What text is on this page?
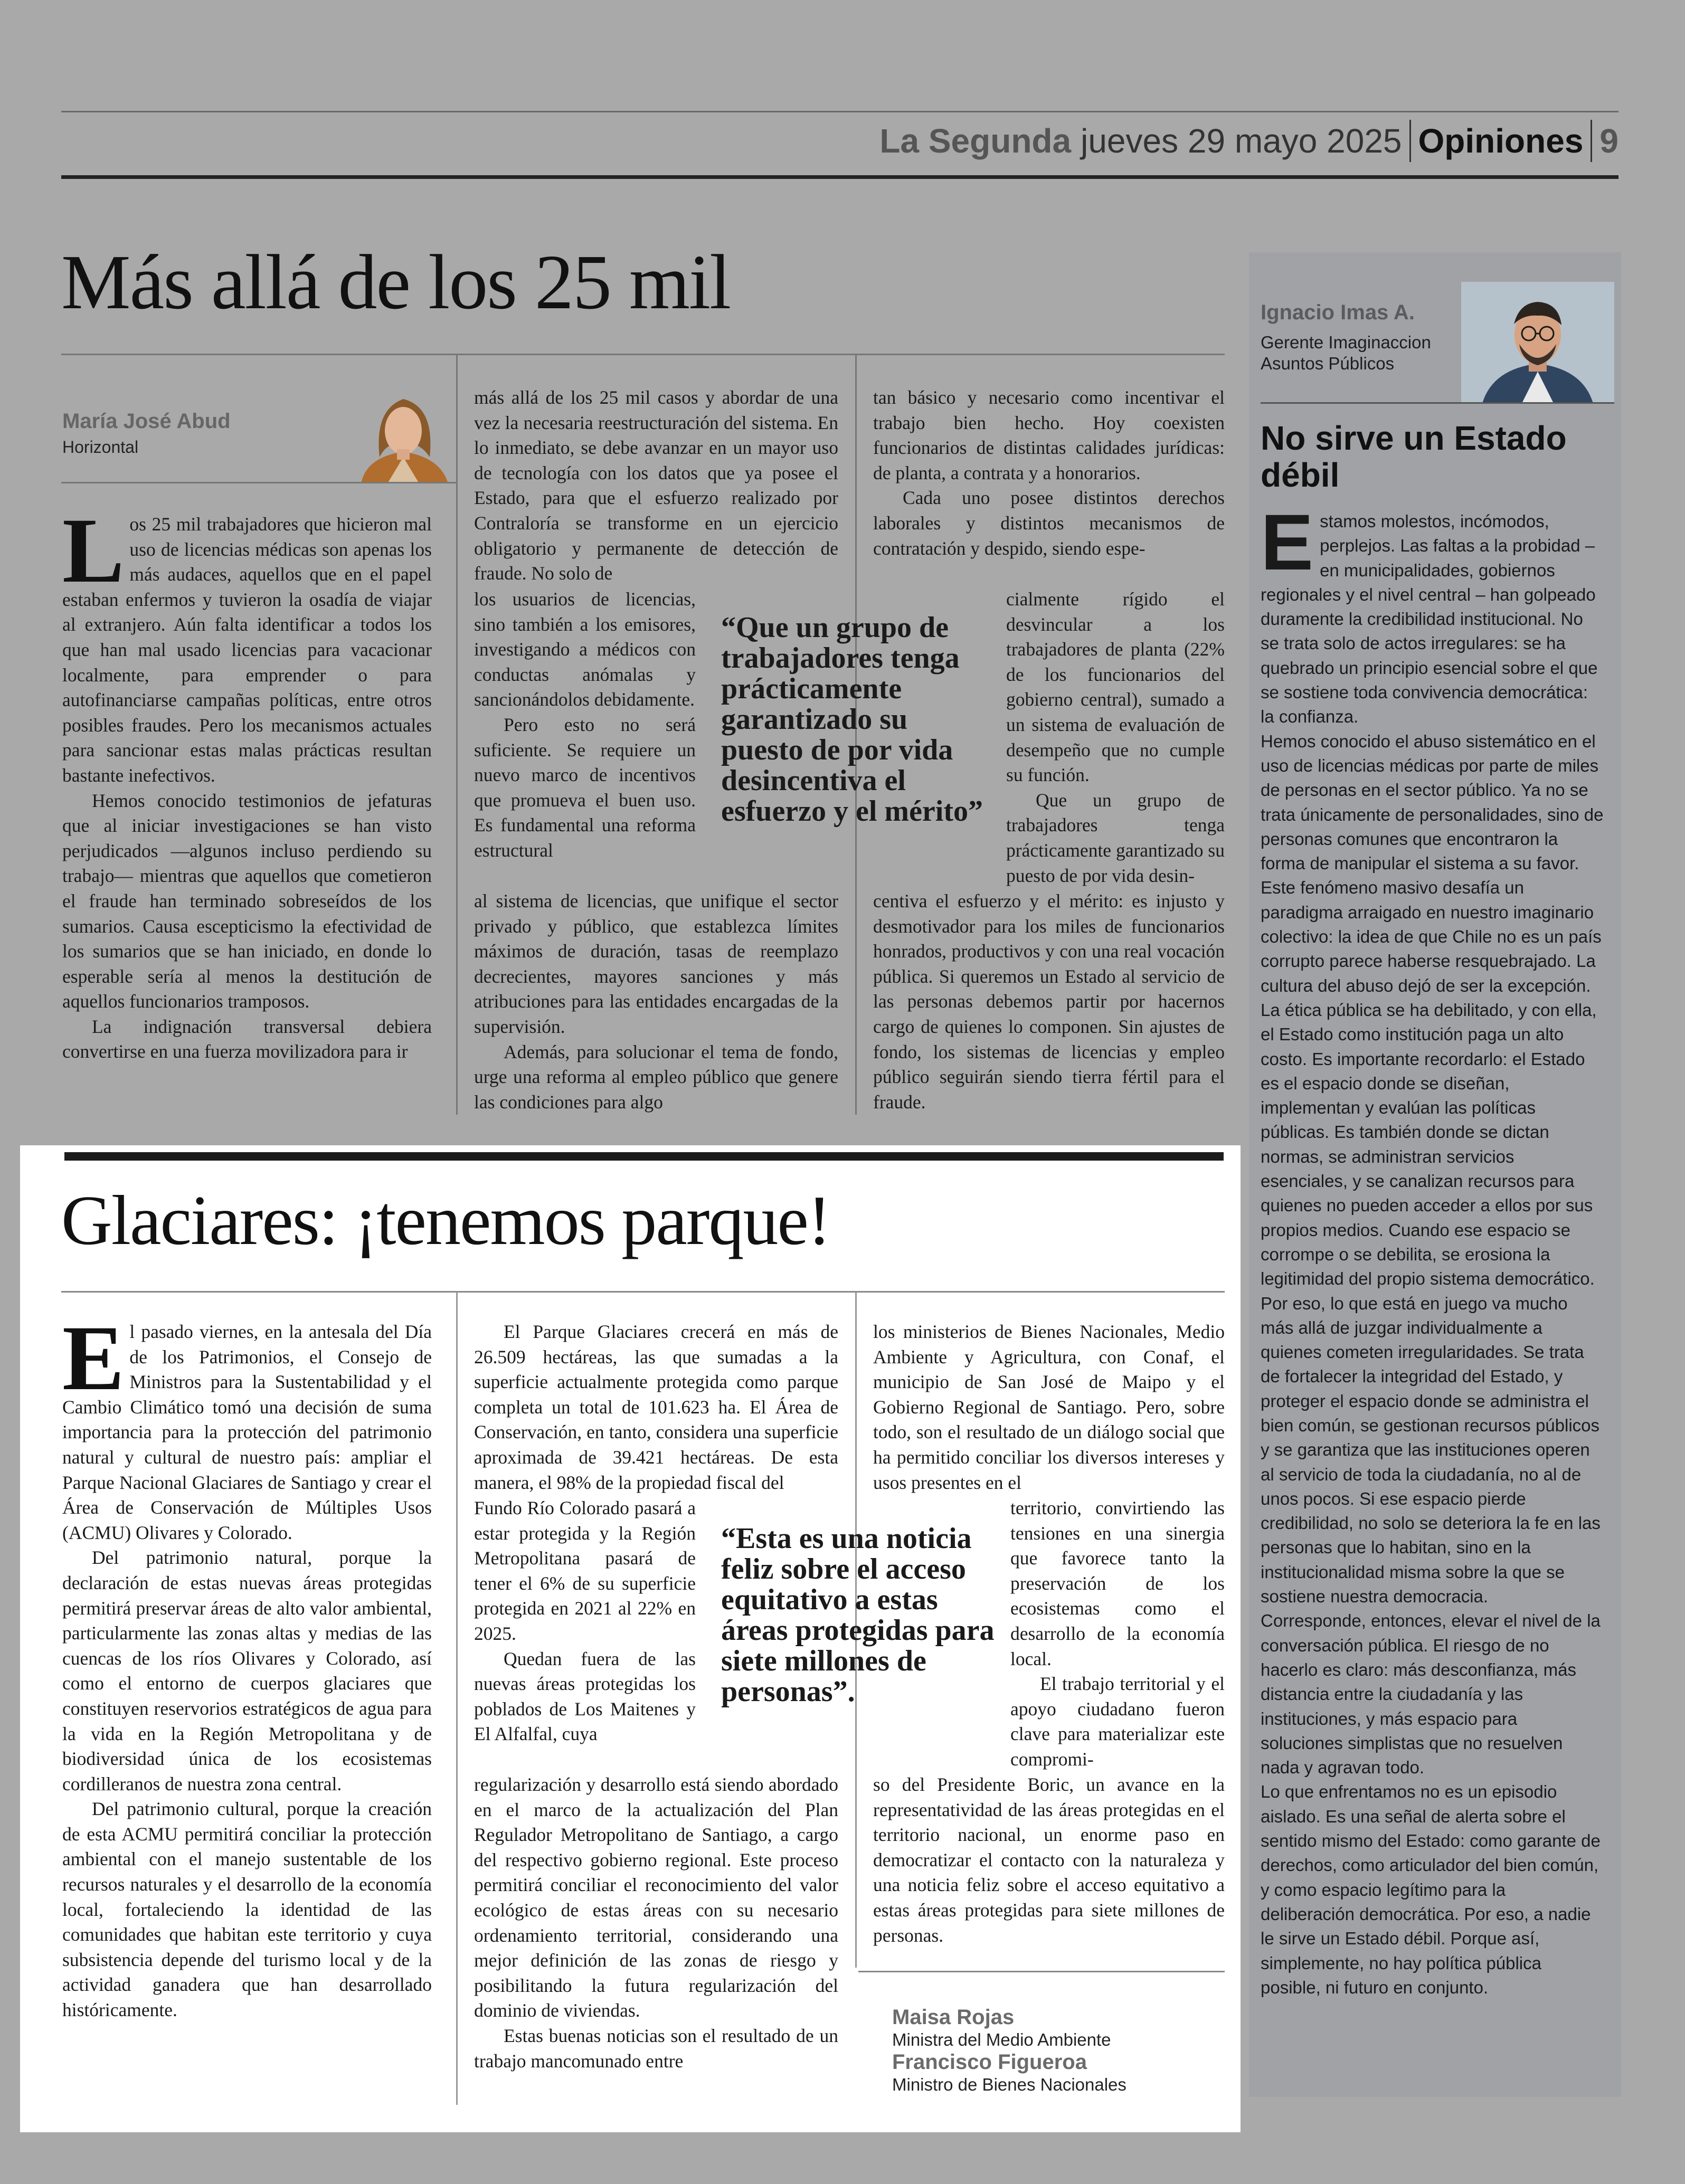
La Segunda jueves 29 mayo 2025 Opiniones 9
Más allá de los 25 mil
María José Abud
Horizontal

Los 25 mil trabajadores que hicieron mal uso de licencias médicas son apenas los más audaces, aquellos que en el papel estaban enfermos y tuvieron la osadía de viajar al extranjero. Aún falta identificar a todos los que han mal usado licencias para vacacionar localmente, para emprender o para autofinanciarse campañas políticas, entre otros posibles fraudes. Pero los mecanismos actuales para sancionar estas malas prácticas resultan bastante inefectivos.

Hemos conocido testimonios de jefaturas que al iniciar investigaciones se han visto perjudicados —algunos incluso perdiendo su trabajo— mientras que aquellos que cometieron el fraude han terminado sobreseídos de los sumarios. Causa escepticismo la efectividad de los sumarios que se han iniciado, en donde lo esperable sería al menos la destitución de aquellos funcionarios tramposos.

La indignación transversal debiera convertirse en una fuerza movilizadora para ir

más allá de los 25 mil casos y abordar de una vez la necesaria reestructuración del sistema. En lo inmediato, se debe avanzar en un mayor uso de tecnología con los datos que ya posee el Estado, para que el esfuerzo realizado por Contraloría se transforme en un ejercicio obligatorio y permanente de detección de fraude. No solo de

los usuarios de licencias, sino también a los emisores, investigando a médicos con conductas anómalas y sancionándolos debidamente.

Pero esto no será suficiente. Se requiere un nuevo marco de incentivos que promueva el buen uso. Es fundamental una reforma estructural

al sistema de licencias, que unifique el sector privado y público, que establezca límites máximos de duración, tasas de reemplazo decrecientes, mayores sanciones y más atribuciones para las entidades encargadas de la supervisión.

Además, para solucionar el tema de fondo, urge una reforma al empleo público que genere las condiciones para algo

tan básico y necesario como incentivar el trabajo bien hecho. Hoy coexisten funcionarios de distintas calidades jurídicas: de planta, a contrata y a honorarios.

Cada uno posee distintos derechos laborales y distintos mecanismos de contratación y despido, siendo espe-

cialmente rígido el desvincular a los trabajadores de planta (22% de los funcionarios del gobierno central), sumado a un sistema de evaluación de desempeño que no cumple su función.

Que un grupo de trabajadores tenga prácticamente garantizado su puesto de por vida desin-

centiva el esfuerzo y el mérito: es injusto y desmotivador para los miles de funcionarios honrados, productivos y con una real vocación pública. Si queremos un Estado al servicio de las personas debemos partir por hacernos cargo de quienes lo componen. Sin ajustes de fondo, los sistemas de licencias y empleo público seguirán siendo tierra fértil para el fraude.

“Que un grupo de trabajadores tenga prácticamente garantizado su puesto de por vida desincentiva el esfuerzo y el mérito”
Ignacio Imas A.
Gerente Imaginaccion
Asuntos Públicos
No sirve un Estado débil

Estamos molestos, incómodos, perplejos. Las faltas a la probidad – en municipalidades, gobiernos regionales y el nivel central – han golpeado duramente la credibilidad institucional. No se trata solo de actos irregulares: se ha quebrado un principio esencial sobre el que se sostiene toda convivencia democrática: la confianza.

Hemos conocido el abuso sistemático en el uso de licencias médicas por parte de miles de personas en el sector público. Ya no se trata únicamente de personalidades, sino de personas comunes que encontraron la forma de manipular el sistema a su favor. Este fenómeno masivo desafía un paradigma arraigado en nuestro imaginario colectivo: la idea de que Chile no es un país corrupto parece haberse resquebrajado. La cultura del abuso dejó de ser la excepción.

La ética pública se ha debilitado, y con ella, el Estado como institución paga un alto costo. Es importante recordarlo: el Estado es el espacio donde se diseñan, implementan y evalúan las políticas públicas. Es también donde se dictan normas, se administran servicios esenciales, y se canalizan recursos para quienes no pueden acceder a ellos por sus propios medios. Cuando ese espacio se corrompe o se debilita, se erosiona la legitimidad del propio sistema democrático.

Por eso, lo que está en juego va mucho más allá de juzgar individualmente a quienes cometen irregularidades. Se trata de fortalecer la integridad del Estado, y proteger el espacio donde se administra el bien común, se gestionan recursos públicos y se garantiza que las instituciones operen al servicio de toda la ciudadanía, no al de unos pocos. Si ese espacio pierde credibilidad, no solo se deteriora la fe en las personas que lo habitan, sino en la institucionalidad misma sobre la que se sostiene nuestra democracia.

Corresponde, entonces, elevar el nivel de la conversación pública. El riesgo de no hacerlo es claro: más desconfianza, más distancia entre la ciudadanía y las instituciones, y más espacio para soluciones simplistas que no resuelven nada y agravan todo.

Lo que enfrentamos no es un episodio aislado. Es una señal de alerta sobre el sentido mismo del Estado: como garante de derechos, como articulador del bien común, y como espacio legítimo para la deliberación democrática. Por eso, a nadie le sirve un Estado débil. Porque así, simplemente, no hay política pública posible, ni futuro en conjunto.

Glaciares: ¡tenemos parque!

El pasado viernes, en la antesala del Día de los Patrimonios, el Consejo de Ministros para la Sustentabilidad y el Cambio Climático tomó una decisión de suma importancia para la protección del patrimonio natural y cultural de nuestro país: ampliar el Parque Nacional Glaciares de Santiago y crear el Área de Conservación de Múltiples Usos (ACMU) Olivares y Colorado.

Del patrimonio natural, porque la declaración de estas nuevas áreas protegidas permitirá preservar áreas de alto valor ambiental, particularmente las zonas altas y medias de las cuencas de los ríos Olivares y Colorado, así como el entorno de cuerpos glaciares que constituyen reservorios estratégicos de agua para la vida en la Región Metropolitana y de biodiversidad única de los ecosistemas cordilleranos de nuestra zona central.

Del patrimonio cultural, porque la creación de esta ACMU permitirá conciliar la protección ambiental con el manejo sustentable de los recursos naturales y el desarrollo de la economía local, fortaleciendo la identidad de las comunidades que habitan este territorio y cuya subsistencia depende del turismo local y de la actividad ganadera que han desarrollado históricamente.

El Parque Glaciares crecerá en más de 26.509 hectáreas, las que sumadas a la superficie actualmente protegida como parque completa un total de 101.623 ha. El Área de Conservación, en tanto, considera una superficie aproximada de 39.421 hectáreas. De esta manera, el 98% de la propiedad fiscal del

Fundo Río Colorado pasará a estar protegida y la Región Metropolitana pasará de tener el 6% de su superficie protegida en 2021 al 22% en 2025.

Quedan fuera de las nuevas áreas protegidas los poblados de Los Maitenes y El Alfalfal, cuya

regularización y desarrollo está siendo abordado en el marco de la actualización del Plan Regulador Metropolitano de Santiago, a cargo del respectivo gobierno regional. Este proceso permitirá conciliar el reconocimiento del valor ecológico de estas áreas con su necesario ordenamiento territorial, considerando una mejor definición de las zonas de riesgo y posibilitando la futura regularización del dominio de viviendas.

Estas buenas noticias son el resultado de un trabajo mancomunado entre

los ministerios de Bienes Nacionales, Medio Ambiente y Agricultura, con Conaf, el municipio de San José de Maipo y el Gobierno Regional de Santiago. Pero, sobre todo, son el resultado de un diálogo social que ha permitido conciliar los diversos intereses y usos presentes en el

territorio, convirtiendo las tensiones en una sinergia que favorece tanto la preservación de los ecosistemas como el desarrollo de la economía local.

El trabajo territorial y el apoyo ciudadano fueron clave para materializar este compromi-

so del Presidente Boric, un avance en la representatividad de las áreas protegidas en el territorio nacional, un enorme paso en democratizar el contacto con la naturaleza y una noticia feliz sobre el acceso equitativo a estas áreas protegidas para siete millones de personas.

“Esta es una noticia feliz sobre el acceso equitativo a estas áreas protegidas para siete millones de personas”.
Maisa Rojas
Ministra del Medio Ambiente
Francisco Figueroa
Ministro de Bienes Nacionales
